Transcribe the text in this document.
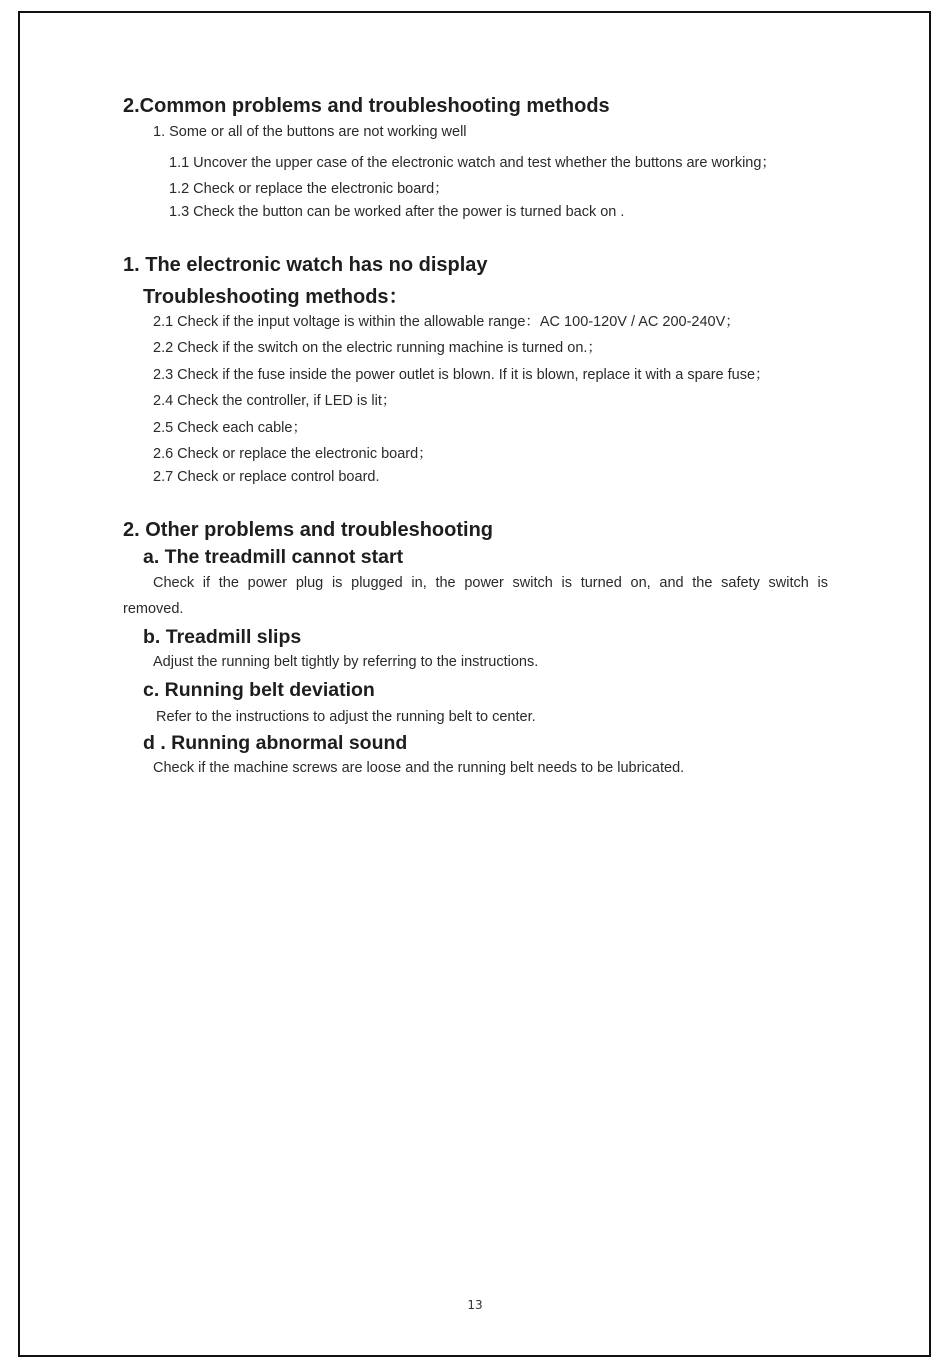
2.Common problems and troubleshooting methods
1. Some or all of the buttons are not working well
1.1 Uncover the upper case of the electronic watch and test whether the buttons are working；
1.2 Check or replace the electronic board；
1.3 Check the button can be worked after the power is turned back on .
1. The electronic watch has no display
Troubleshooting methods：
2.1 Check if the input voltage is within the allowable range：AC 100-120V / AC 200-240V；
2.2 Check if the switch on the electric running machine is turned on.；
2.3 Check if the fuse inside the power outlet is blown. If it is blown, replace it with a spare fuse；
2.4 Check the controller, if LED is lit；
2.5 Check each cable；
2.6 Check or replace the electronic board；
2.7 Check or replace control board.
2. Other problems and troubleshooting
a. The treadmill cannot start
Check if the power plug is plugged in, the power switch is turned on, and the safety switch is
removed.
b. Treadmill slips
Adjust the running belt tightly by referring to the instructions.
c. Running belt deviation
Refer to the instructions to adjust the running belt to center.
d . Running abnormal sound
Check if the machine screws are loose and the running belt needs to be lubricated.
13
